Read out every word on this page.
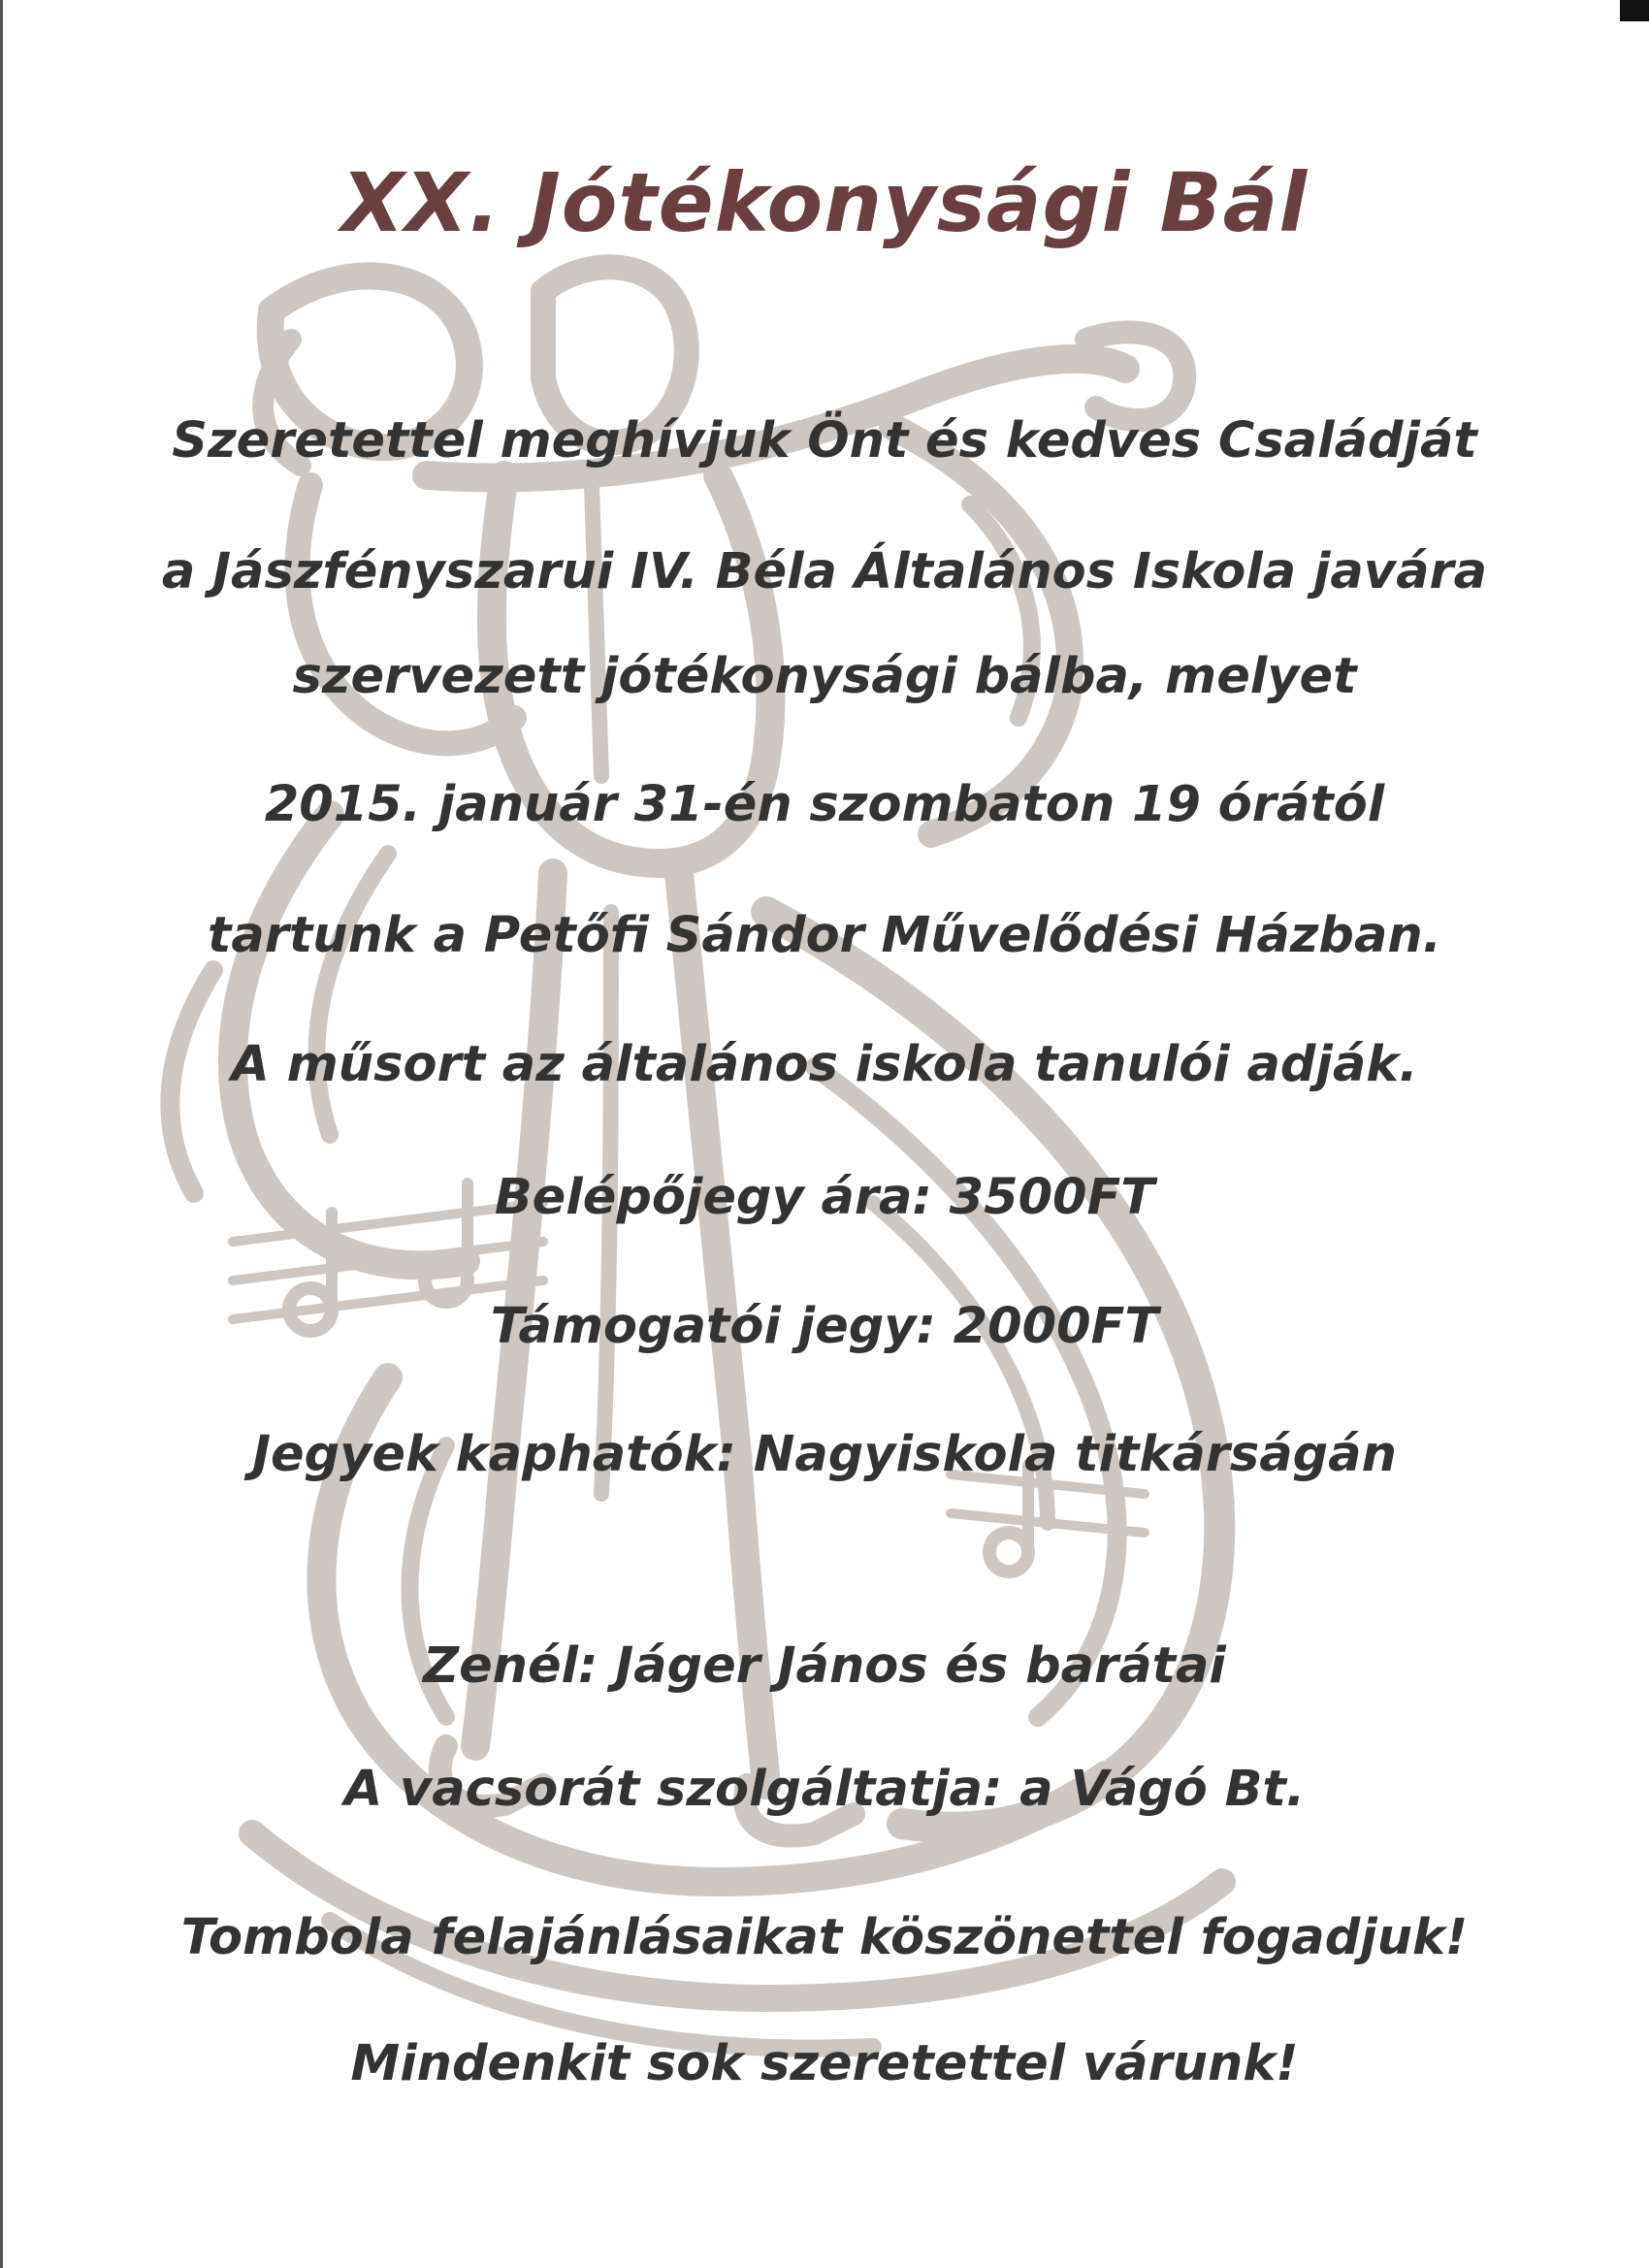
XX. Jótékonysági Bál
Szeretettel meghívjuk Önt és kedves Családját
a Jászfényszarui IV. Béla Általános Iskola javára
szervezett jótékonysági bálba, melyet
2015. január 31-én szombaton 19 órától
tartunk a Petőfi Sándor Művelődési Házban.
A műsort az általános iskola tanulói adják.
Belépőjegy ára: 3500FT
Támogatói jegy: 2000FT
Jegyek kaphatók: Nagyiskola titkárságán
Zenél: Jáger János és barátai
A vacsorát szolgáltatja: a Vágó Bt.
Tombola felajánlásaikat köszönettel fogadjuk!
Mindenkit sok szeretettel várunk!
